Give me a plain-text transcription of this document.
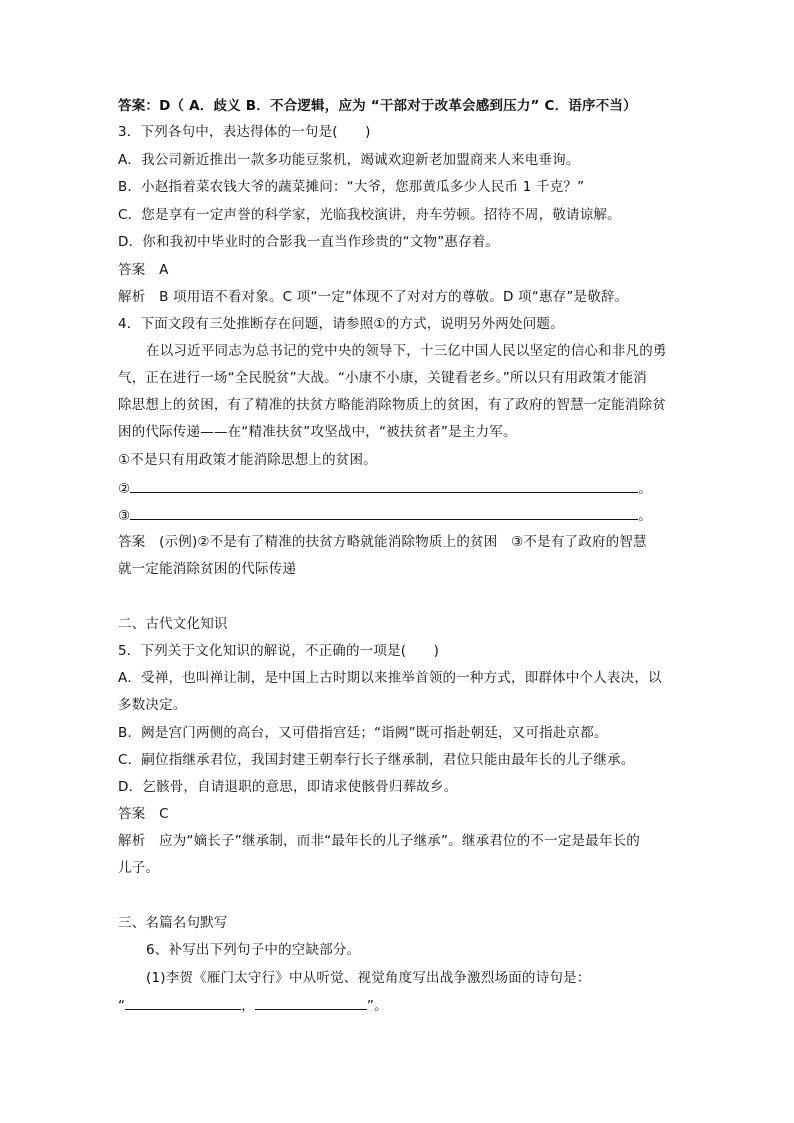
答案：D（ A．歧义 B．不合逻辑，应为 “干部对于改革会感到压力” C．语序不当）
3．下列各句中，表达得体的一句是(　　)
A．我公司新近推出一款多功能豆浆机，竭诚欢迎新老加盟商来人来电垂询。
B．小赵指着菜农钱大爷的蔬菜摊问：“大爷，您那黄瓜多少人民币 1 千克？”
C．您是享有一定声誉的科学家，光临我校演讲，舟车劳顿。招待不周，敬请谅解。
D．你和我初中毕业时的合影我一直当作珍贵的“文物”惠存着。
答案　A
解析　B 项用语不看对象。C 项“一定”体现不了对对方的尊敬。D 项“惠存”是敬辞。
4．下面文段有三处推断存在问题，请参照①的方式，说明另外两处问题。
在以习近平同志为总书记的党中央的领导下，十三亿中国人民以坚定的信心和非凡的勇
气，正在进行一场“全民脱贫”大战。“小康不小康，关键看老乡。”所以只有用政策才能消
除思想上的贫困，有了精准的扶贫方略能消除物质上的贫困，有了政府的智慧一定能消除贫
困的代际传递——在“精准扶贫”攻坚战中，“被扶贫者”是主力军。
①不是只有用政策才能消除思想上的贫困。
②	。
③	。
答案　(示例)②不是有了精准的扶贫方略就能消除物质上的贫困　③不是有了政府的智慧
就一定能消除贫困的代际传递
二、古代文化知识
5．下列关于文化知识的解说，不正确的一项是(　　)
A．受禅，也叫禅让制，是中国上古时期以来推举首领的一种方式，即群体中个人表决，以
多数决定。
B．阙是宫门两侧的高台，又可借指宫廷；“诣阙”既可指赴朝廷，又可指赴京都。
C．嗣位指继承君位，我国封建王朝奉行长子继承制，君位只能由最年长的儿子继承。
D．乞骸骨，自请退职的意思，即请求使骸骨归葬故乡。
答案　C
解析　应为“嫡长子”继承制，而非“最年长的儿子继承”。继承君位的不一定是最年长的
儿子。
三、名篇名句默写
6、补写出下列句子中的空缺部分。
(1)李贺《雁门太守行》中从听觉、视觉角度写出战争激烈场面的诗句是：
“	，	”。
